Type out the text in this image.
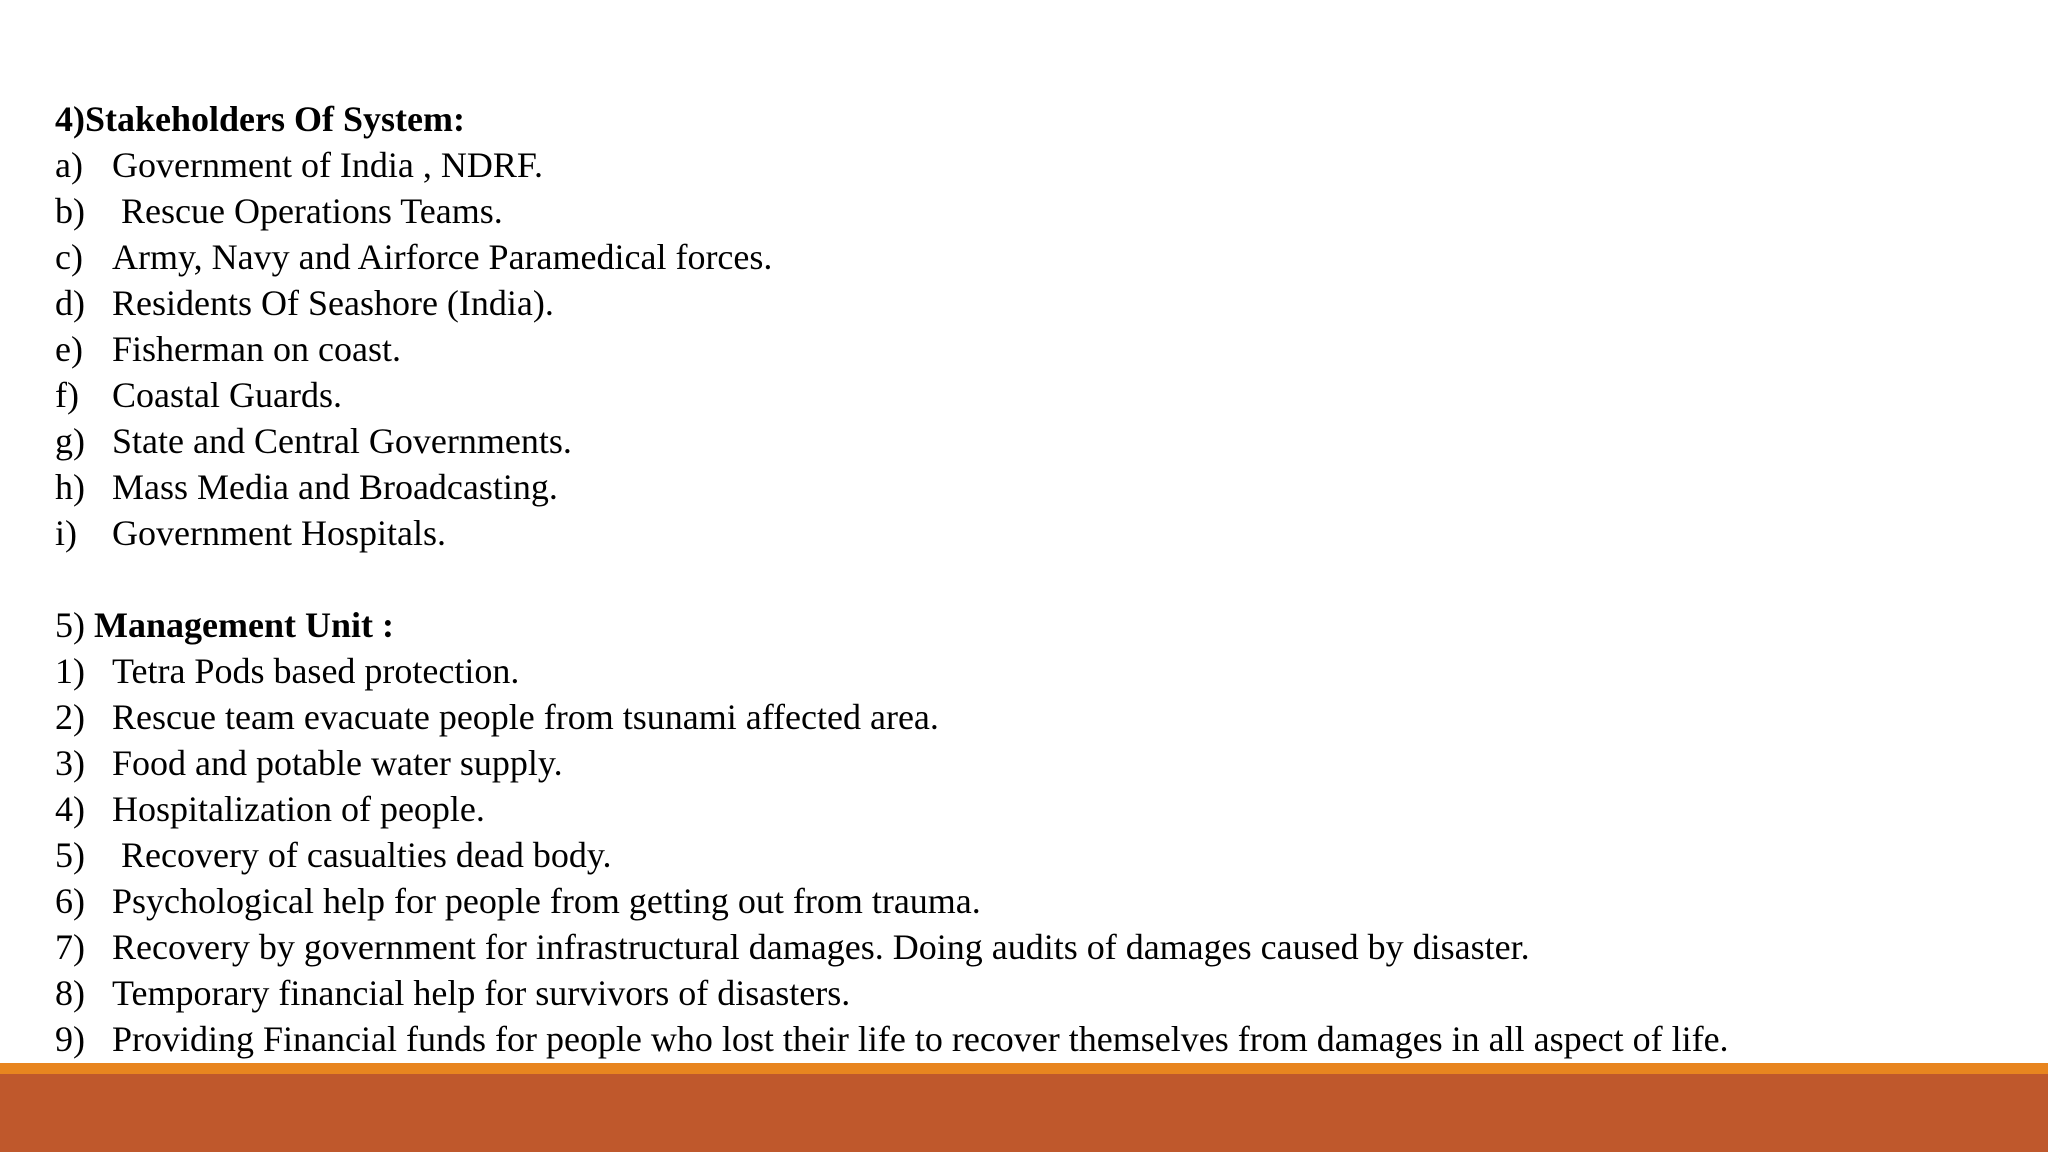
4)Stakeholders Of System:
a) Government of India , NDRF.
b) Rescue Operations Teams.
c) Army, Navy and Airforce Paramedical forces.
d) Residents Of Seashore (India).
e) Fisherman on coast.
f) Coastal Guards.
g) State and Central Governments.
h) Mass Media and Broadcasting.
i) Government Hospitals.
5) Management Unit :
1) Tetra Pods based protection.
2) Rescue team evacuate people from tsunami affected area.
3) Food and potable water supply.
4) Hospitalization of people.
5) Recovery of casualties dead body.
6) Psychological help for people from getting out from trauma.
7) Recovery by government for infrastructural damages. Doing audits of damages caused by disaster.
8) Temporary financial help for survivors of disasters.
9) Providing Financial funds for people who lost their life to recover themselves from damages in all aspect of life.
